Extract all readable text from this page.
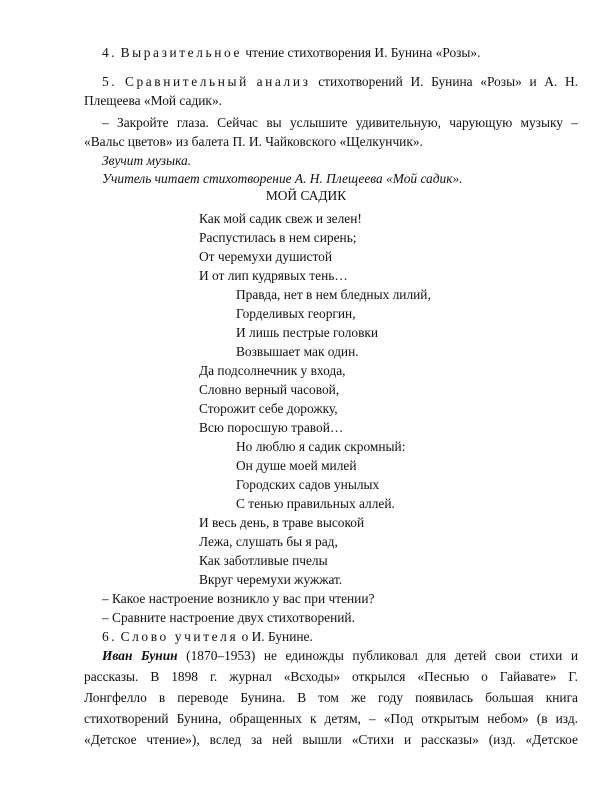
4. Выразительное чтение стихотворения И. Бунина «Розы».
5. Сравнительный анализ стихотворений И. Бунина «Розы» и А. Н.
Плещеева «Мой садик».
– Закройте глаза. Сейчас вы услышите удивительную, чарующую музыку –
«Вальс цветов» из балета П. И. Чайковского «Щелкунчик».
Звучит музыка.
Учитель читает стихотворение А. Н. Плещеева «Мой садик».
МОЙ САДИК
Как мой садик свеж и зелен!
Распустилась в нем сирень;
От черемухи душистой
И от лип кудрявых тень…
Правда, нет в нем бледных лилий,
Горделивых георгин,
И лишь пестрые головки
Возвышает мак один.
Да подсолнечник у входа,
Словно верный часовой,
Сторожит себе дорожку,
Всю поросшую травой…
Но люблю я садик скромный:
Он душе моей милей
Городских садов унылых
С тенью правильных аллей.
И весь день, в траве высокой
Лежа, слушать бы я рад,
Как заботливые пчелы
Вкруг черемухи жужжат.
– Какое настроение возникло у вас при чтении?
– Сравните настроение двух стихотворений.
6. Слово учителя о И. Бунине.
Иван Бунин (1870–1953) не единожды публиковал для детей свои стихи и
рассказы. В 1898 г. журнал «Всходы» открылся «Песнью о Гайавате» Г.
Лонгфелло в переводе Бунина. В том же году появилась большая книга
стихотворений Бунина, обращенных к детям, – «Под открытым небом» (в изд.
«Детское чтение»), вслед за ней вышли «Стихи и рассказы» (изд. «Детское
